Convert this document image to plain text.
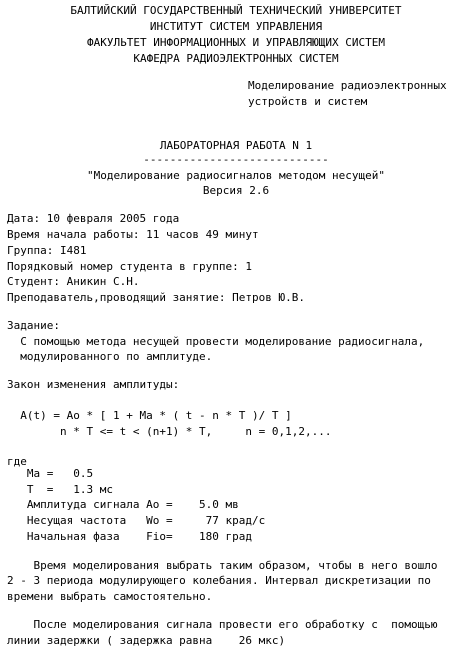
БАЛТИЙСКИЙ ГОСУДАРСТВЕННЫЙ ТЕХНИЧЕСКИЙ УНИВЕРСИТЕТ
ИНСТИТУТ СИСТЕМ УПРАВЛЕНИЯ
ФАКУЛЬТЕТ ИНФОРМАЦИОННЫХ И УПРАВЛЯЮЩИХ СИСТЕМ
КАФЕДРА РАДИОЭЛЕКТРОННЫХ СИСТЕМ
Моделирование радиоэлектронных
устройств и систем
ЛАБОРАТОРНАЯ РАБОТА N 1
----------------------------
"Моделирование радиосигналов методом несущей"
Версия 2.6
Дата: 10 февраля 2005 года
Время начала работы: 11 часов 49 минут
Группа: I481
Порядковый номер студента в группе: 1
Студент: Аникин С.Н.
Преподаватель,проводящий занятие: Петров Ю.В.
Задание:
С помощью метода несущей провести моделирование радиосигнала,
модулированного по амплитуде.
Закон изменения амплитуды:
A(t) = Ao * [ 1 + Ma * ( t - n * T )/ T ]
n * T <= t < (n+1) * T,     n = 0,1,2,...
где
Ma =   0.5
T  =   1.3 мс
Амплитуда сигнала Ao =    5.0 мв
Несущая частота   Wo =     77 крад/с
Начальная фаза    Fio=    180 град
Время моделирования выбрать таким образом, чтобы в него вошло
2 - 3 периода модулирующего колебания. Интервал дискретизации по
времени выбрать самостоятельно.
После моделирования сигнала провести его обработку с  помощью
линии задержки ( задержка равна    26 мкс)
